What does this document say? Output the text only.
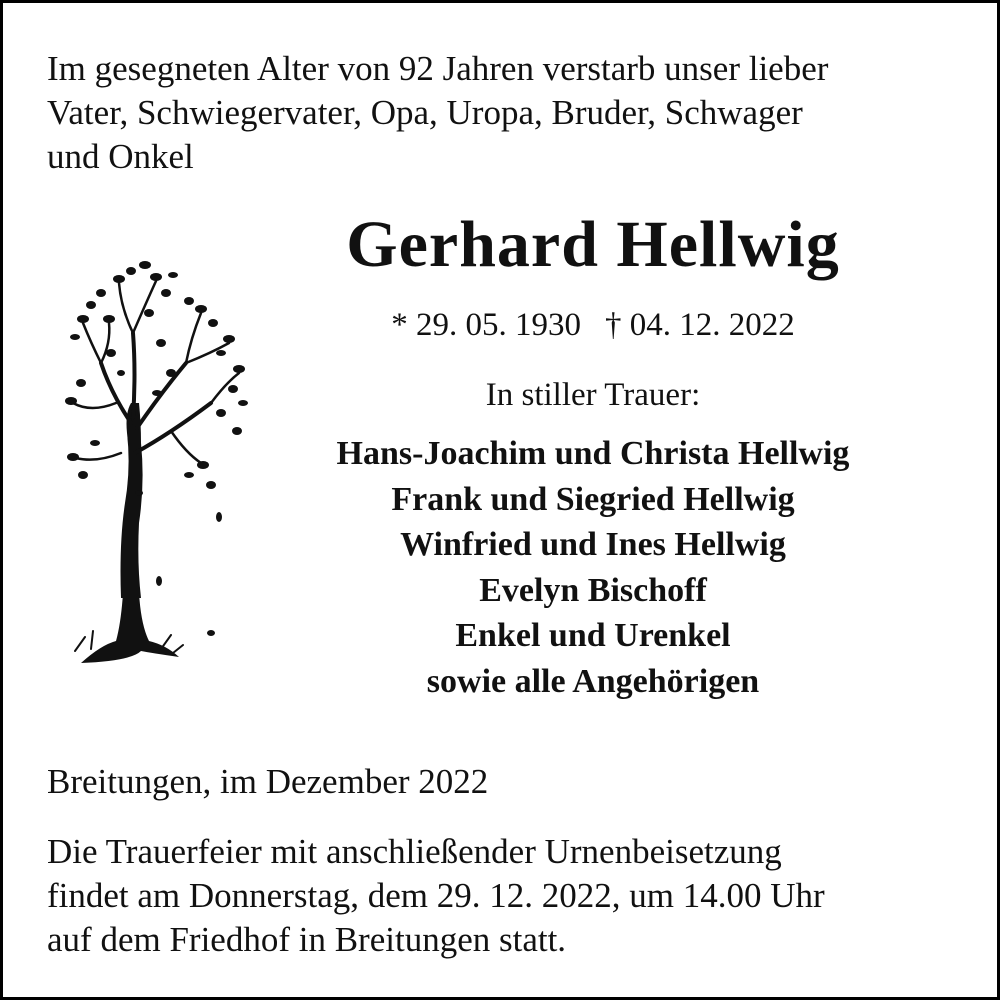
Im gesegneten Alter von 92 Jahren verstarb unser lieber
Vater, Schwiegervater, Opa, Uropa, Bruder, Schwager
und Onkel

Gerhard Hellwig

* 29. 05. 1930 † 04. 12. 2022

In stiller Trauer:

Hans-Joachim und Christa Hellwig
Frank und Siegried Hellwig
Winfried und Ines Hellwig
Evelyn Bischoff
Enkel und Urenkel
sowie alle Angehörigen

Breitungen, im Dezember 2022

Die Trauerfeier mit anschließender Urnenbeisetzung
findet am Donnerstag, dem 29. 12. 2022, um 14.00 Uhr
auf dem Friedhof in Breitungen statt.
